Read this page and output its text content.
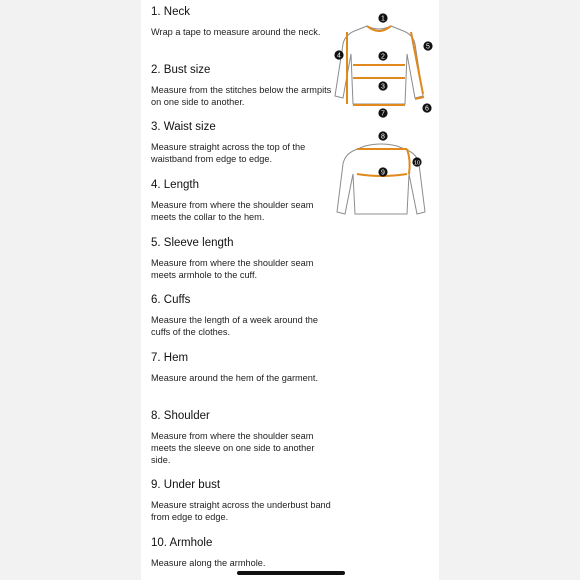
1. Neck

Wrap a tape to measure around the neck.

2. Bust size

Measure from the stitches below the armpits on one side to another.

3. Waist size

Measure straight across the top of the waistband from edge to edge.

4. Length

Measure from where the shoulder seam meets the collar to the hem.

5. Sleeve length

Measure from where the shoulder seam meets armhole to the cuff.

6. Cuffs

Measure the length of a week around the cuffs of the clothes.

7. Hem

Measure around the hem of the garment.

8. Shoulder

Measure from where the shoulder seam meets the sleeve on one side to another side.

9. Under bust

Measure straight across the underbust band from edge to edge.

10. Armhole

Measure along the armhole.

1
2
3
4
5
6
7
8
9
10
